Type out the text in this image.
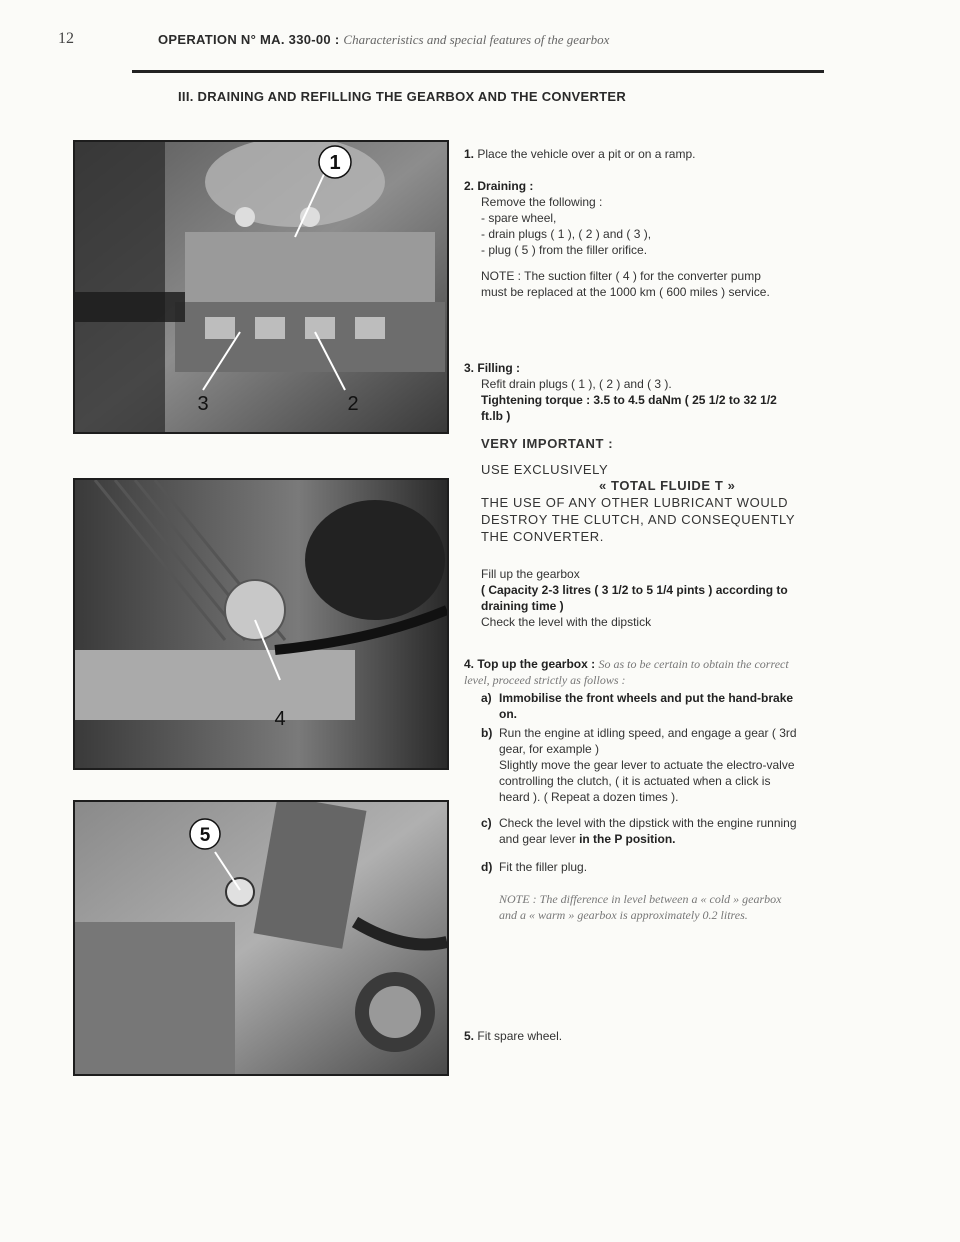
12	OPERATION N° MA. 330-00 : Characteristics and special features of the gearbox
III. DRAINING AND REFILLING THE GEARBOX AND THE CONVERTER
1
3	2
4
5
1. Place the vehicle over a pit or on a ramp.
2. Draining :
Remove the following :
- spare wheel,
- drain plugs ( 1 ), ( 2 ) and ( 3 ),
- plug ( 5 ) from the filler orifice.
NOTE : The suction filter ( 4 ) for the converter pump must be replaced at the 1000 km ( 600 miles ) service.
3. Filling :
Refit drain plugs ( 1 ), ( 2 ) and ( 3 ).
Tightening torque : 3.5 to 4.5 daNm ( 25 1/2 to 32 1/2 ft.lb )
VERY IMPORTANT :
USE EXCLUSIVELY
« TOTAL FLUIDE T »
THE USE OF ANY OTHER LUBRICANT WOULD DESTROY THE CLUTCH, AND CONSEQUENTLY THE CONVERTER.
Fill up the gearbox
( Capacity 2-3 litres ( 3 1/2 to 5 1/4 pints ) according to draining time )
Check the level with the dipstick
4. Top up the gearbox : So as to be certain to obtain the correct level, proceed strictly as follows :
a) Immobilise the front wheels and put the hand-brake on.
b) Run the engine at idling speed, and engage a gear ( 3rd gear, for example )
Slightly move the gear lever to actuate the electro-valve controlling the clutch, ( it is actuated when a click is heard ). ( Repeat a dozen times ).
c) Check the level with the dipstick with the engine running and gear lever in the P position.
d) Fit the filler plug.
NOTE : The difference in level between a « cold » gearbox and a « warm » gearbox is approximately 0.2 litres.
5. Fit spare wheel.
